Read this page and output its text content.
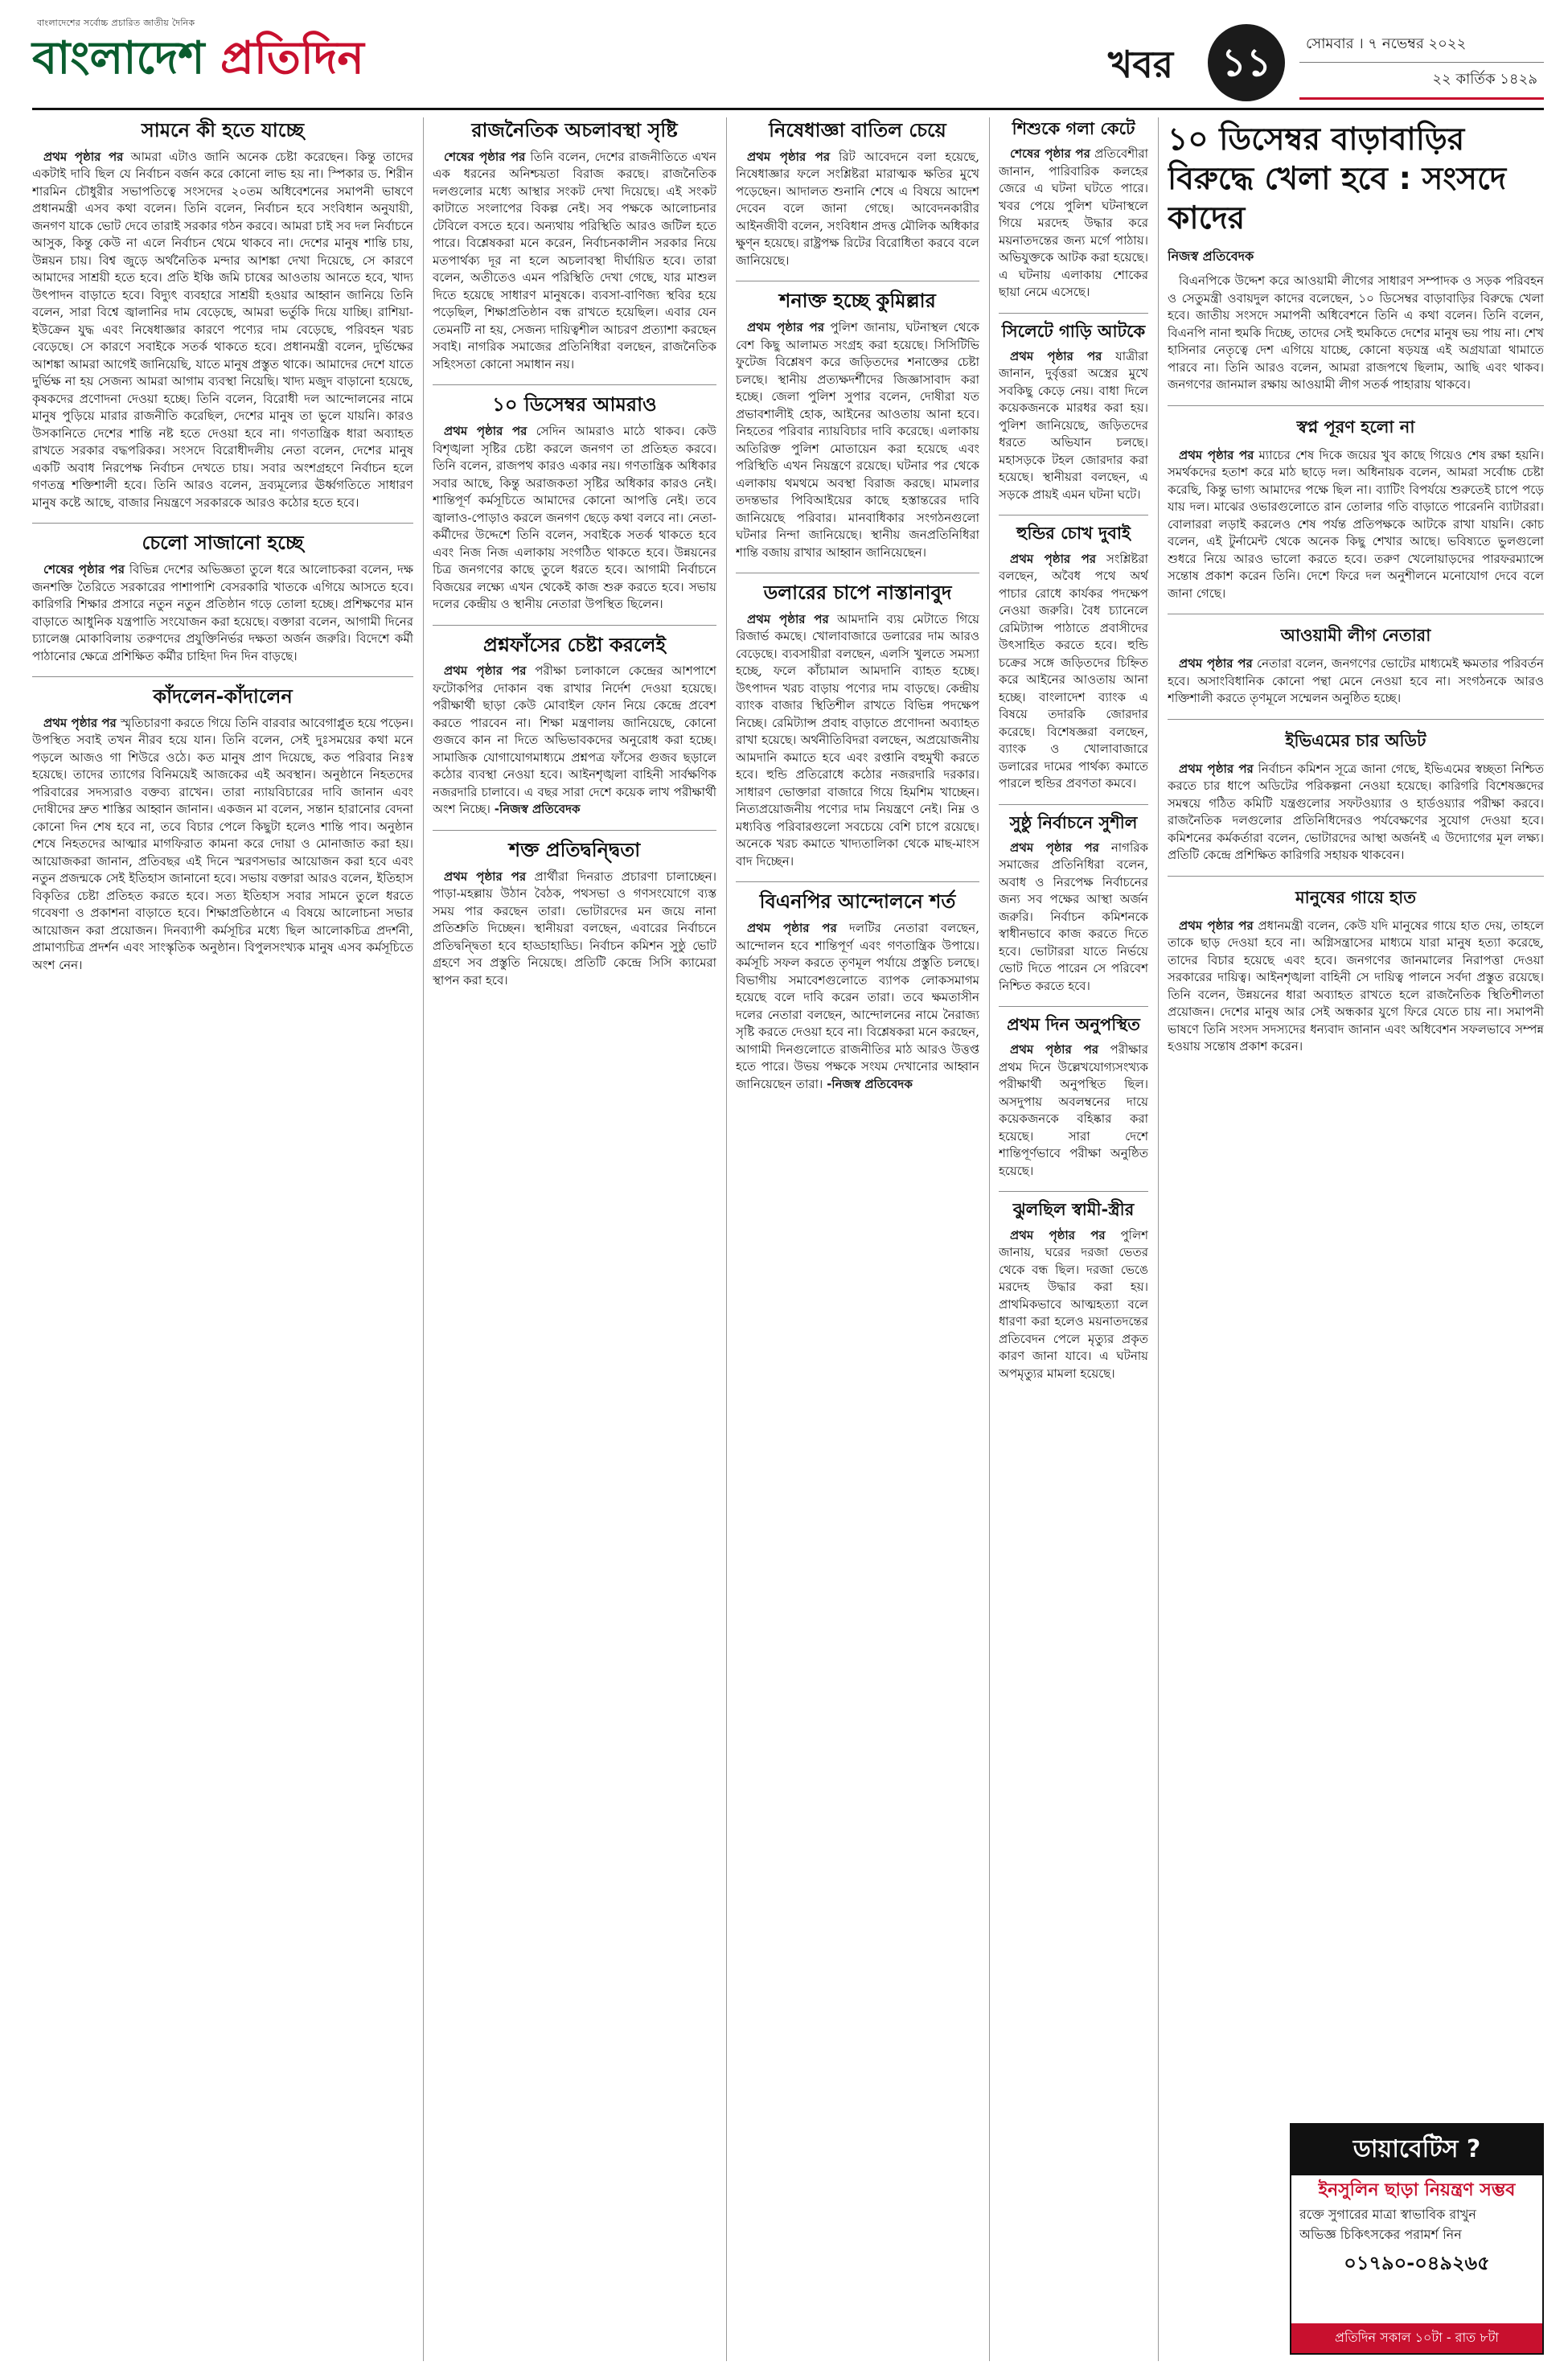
বাংলাদেশের সর্বোচ্চ প্রচারিত জাতীয় দৈনিক
বাংলাদেশ প্রতিদিন	খবর	১১	সোমবার । ৭ নভেম্বর ২০২২
২২ কার্তিক ১৪২৯
সামনে কী হতে যাচ্ছে

প্রথম পৃষ্ঠার পর আমরা এটাও জানি অনেক চেষ্টা করেছেন। কিন্তু তাদের একটাই দাবি ছিল যে নির্বাচন বর্জন করে কোনো লাভ হয় না। স্পিকার ড. শিরীন শারমিন চৌধুরীর সভাপতিত্বে সংসদের ২০তম অধিবেশনের সমাপনী ভাষণে প্রধানমন্ত্রী এসব কথা বলেন। তিনি বলেন, নির্বাচন হবে সংবিধান অনুযায়ী, জনগণ যাকে ভোট দেবে তারাই সরকার গঠন করবে। আমরা চাই সব দল নির্বাচনে আসুক, কিন্তু কেউ না এলে নির্বাচন থেমে থাকবে না। দেশের মানুষ শান্তি চায়, উন্নয়ন চায়। বিশ্ব জুড়ে অর্থনৈতিক মন্দার আশঙ্কা দেখা দিয়েছে, সে কারণে আমাদের সাশ্রয়ী হতে হবে। প্রতি ইঞ্চি জমি চাষের আওতায় আনতে হবে, খাদ্য উৎপাদন বাড়াতে হবে। বিদ্যুৎ ব্যবহারে সাশ্রয়ী হওয়ার আহ্বান জানিয়ে তিনি বলেন, সারা বিশ্বে জ্বালানির দাম বেড়েছে, আমরা ভর্তুকি দিয়ে যাচ্ছি। রাশিয়া-ইউক্রেন যুদ্ধ এবং নিষেধাজ্ঞার কারণে পণ্যের দাম বেড়েছে, পরিবহন খরচ বেড়েছে। সে কারণে সবাইকে সতর্ক থাকতে হবে। প্রধানমন্ত্রী বলেন, দুর্ভিক্ষের আশঙ্কা আমরা আগেই জানিয়েছি, যাতে মানুষ প্রস্তুত থাকে। আমাদের দেশে যাতে দুর্ভিক্ষ না হয় সেজন্য আমরা আগাম ব্যবস্থা নিয়েছি। খাদ্য মজুদ বাড়ানো হয়েছে, কৃষকদের প্রণোদনা দেওয়া হচ্ছে। তিনি বলেন, বিরোধী দল আন্দোলনের নামে মানুষ পুড়িয়ে মারার রাজনীতি করেছিল, দেশের মানুষ তা ভুলে যায়নি। কারও উসকানিতে দেশের শান্তি নষ্ট হতে দেওয়া হবে না। গণতান্ত্রিক ধারা অব্যাহত রাখতে সরকার বদ্ধপরিকর। সংসদে বিরোধীদলীয় নেতা বলেন, দেশের মানুষ একটি অবাধ নিরপেক্ষ নির্বাচন দেখতে চায়। সবার অংশগ্রহণে নির্বাচন হলে গণতন্ত্র শক্তিশালী হবে। তিনি আরও বলেন, দ্রব্যমূল্যের ঊর্ধ্বগতিতে সাধারণ মানুষ কষ্টে আছে, বাজার নিয়ন্ত্রণে সরকারকে আরও কঠোর হতে হবে।

চেলো সাজানো হচ্ছে

শেষের পৃষ্ঠার পর বিভিন্ন দেশের অভিজ্ঞতা তুলে ধরে আলোচকরা বলেন, দক্ষ জনশক্তি তৈরিতে সরকারের পাশাপাশি বেসরকারি খাতকে এগিয়ে আসতে হবে। কারিগরি শিক্ষার প্রসারে নতুন নতুন প্রতিষ্ঠান গড়ে তোলা হচ্ছে। প্রশিক্ষণের মান বাড়াতে আধুনিক যন্ত্রপাতি সংযোজন করা হয়েছে। বক্তারা বলেন, আগামী দিনের চ্যালেঞ্জ মোকাবিলায় তরুণদের প্রযুক্তিনির্ভর দক্ষতা অর্জন জরুরি। বিদেশে কর্মী পাঠানোর ক্ষেত্রে প্রশিক্ষিত কর্মীর চাহিদা দিন দিন বাড়ছে।

কাঁদলেন-কাঁদালেন

প্রথম পৃষ্ঠার পর স্মৃতিচারণা করতে গিয়ে তিনি বারবার আবেগাপ্লুত হয়ে পড়েন। উপস্থিত সবাই তখন নীরব হয়ে যান। তিনি বলেন, সেই দুঃসময়ের কথা মনে পড়লে আজও গা শিউরে ওঠে। কত মানুষ প্রাণ দিয়েছে, কত পরিবার নিঃস্ব হয়েছে। তাদের ত্যাগের বিনিময়েই আজকের এই অবস্থান। অনুষ্ঠানে নিহতদের পরিবারের সদস্যরাও বক্তব্য রাখেন। তারা ন্যায়বিচারের দাবি জানান এবং দোষীদের দ্রুত শাস্তির আহ্বান জানান। একজন মা বলেন, সন্তান হারানোর বেদনা কোনো দিন শেষ হবে না, তবে বিচার পেলে কিছুটা হলেও শান্তি পাব। অনুষ্ঠান শেষে নিহতদের আত্মার মাগফিরাত কামনা করে দোয়া ও মোনাজাত করা হয়। আয়োজকরা জানান, প্রতিবছর এই দিনে স্মরণসভার আয়োজন করা হবে এবং নতুন প্রজন্মকে সেই ইতিহাস জানানো হবে। সভায় বক্তারা আরও বলেন, ইতিহাস বিকৃতির চেষ্টা প্রতিহত করতে হবে। সত্য ইতিহাস সবার সামনে তুলে ধরতে গবেষণা ও প্রকাশনা বাড়াতে হবে। শিক্ষাপ্রতিষ্ঠানে এ বিষয়ে আলোচনা সভার আয়োজন করা প্রয়োজন। দিনব্যাপী কর্মসূচির মধ্যে ছিল আলোকচিত্র প্রদর্শনী, প্রামাণ্যচিত্র প্রদর্শন এবং সাংস্কৃতিক অনুষ্ঠান। বিপুলসংখ্যক মানুষ এসব কর্মসূচিতে অংশ নেন।

রাজনৈতিক অচলাবস্থা সৃষ্টি

শেষের পৃষ্ঠার পর তিনি বলেন, দেশের রাজনীতিতে এখন এক ধরনের অনিশ্চয়তা বিরাজ করছে। রাজনৈতিক দলগুলোর মধ্যে আস্থার সংকট দেখা দিয়েছে। এই সংকট কাটাতে সংলাপের বিকল্প নেই। সব পক্ষকে আলোচনার টেবিলে বসতে হবে। অন্যথায় পরিস্থিতি আরও জটিল হতে পারে। বিশ্লেষকরা মনে করেন, নির্বাচনকালীন সরকার নিয়ে মতপার্থক্য দূর না হলে অচলাবস্থা দীর্ঘায়িত হবে। তারা বলেন, অতীতেও এমন পরিস্থিতি দেখা গেছে, যার মাশুল দিতে হয়েছে সাধারণ মানুষকে। ব্যবসা-বাণিজ্য স্থবির হয়ে পড়েছিল, শিক্ষাপ্রতিষ্ঠান বন্ধ রাখতে হয়েছিল। এবার যেন তেমনটি না হয়, সেজন্য দায়িত্বশীল আচরণ প্রত্যাশা করছেন সবাই। নাগরিক সমাজের প্রতিনিধিরা বলছেন, রাজনৈতিক সহিংসতা কোনো সমাধান নয়।

১০ ডিসেম্বর আমরাও

প্রথম পৃষ্ঠার পর সেদিন আমরাও মাঠে থাকব। কেউ বিশৃঙ্খলা সৃষ্টির চেষ্টা করলে জনগণ তা প্রতিহত করবে। তিনি বলেন, রাজপথ কারও একার নয়। গণতান্ত্রিক অধিকার সবার আছে, কিন্তু অরাজকতা সৃষ্টির অধিকার কারও নেই। শান্তিপূর্ণ কর্মসূচিতে আমাদের কোনো আপত্তি নেই। তবে জ্বালাও-পোড়াও করলে জনগণ ছেড়ে কথা বলবে না। নেতা-কর্মীদের উদ্দেশে তিনি বলেন, সবাইকে সতর্ক থাকতে হবে এবং নিজ নিজ এলাকায় সংগঠিত থাকতে হবে। উন্নয়নের চিত্র জনগণের কাছে তুলে ধরতে হবে। আগামী নির্বাচনে বিজয়ের লক্ষ্যে এখন থেকেই কাজ শুরু করতে হবে। সভায় দলের কেন্দ্রীয় ও স্থানীয় নেতারা উপস্থিত ছিলেন।

প্রশ্নফাঁসের চেষ্টা করলেই

প্রথম পৃষ্ঠার পর পরীক্ষা চলাকালে কেন্দ্রের আশপাশে ফটোকপির দোকান বন্ধ রাখার নির্দেশ দেওয়া হয়েছে। পরীক্ষার্থী ছাড়া কেউ মোবাইল ফোন নিয়ে কেন্দ্রে প্রবেশ করতে পারবেন না। শিক্ষা মন্ত্রণালয় জানিয়েছে, কোনো গুজবে কান না দিতে অভিভাবকদের অনুরোধ করা হচ্ছে। সামাজিক যোগাযোগমাধ্যমে প্রশ্নপত্র ফাঁসের গুজব ছড়ালে কঠোর ব্যবস্থা নেওয়া হবে। আইনশৃঙ্খলা বাহিনী সার্বক্ষণিক নজরদারি চালাবে। এ বছর সারা দেশে কয়েক লাখ পরীক্ষার্থী অংশ নিচ্ছে। -নিজস্ব প্রতিবেদক

শক্ত প্রতিদ্বন্দ্বিতা

প্রথম পৃষ্ঠার পর প্রার্থীরা দিনরাত প্রচারণা চালাচ্ছেন। পাড়া-মহল্লায় উঠান বৈঠক, পথসভা ও গণসংযোগে ব্যস্ত সময় পার করছেন তারা। ভোটারদের মন জয়ে নানা প্রতিশ্রুতি দিচ্ছেন। স্থানীয়রা বলছেন, এবারের নির্বাচনে প্রতিদ্বন্দ্বিতা হবে হাড্ডাহাড্ডি। নির্বাচন কমিশন সুষ্ঠু ভোট গ্রহণে সব প্রস্তুতি নিয়েছে। প্রতিটি কেন্দ্রে সিসি ক্যামেরা স্থাপন করা হবে।

নিষেধাজ্ঞা বাতিল চেয়ে

প্রথম পৃষ্ঠার পর রিট আবেদনে বলা হয়েছে, নিষেধাজ্ঞার ফলে সংশ্লিষ্টরা মারাত্মক ক্ষতির মুখে পড়েছেন। আদালত শুনানি শেষে এ বিষয়ে আদেশ দেবেন বলে জানা গেছে। আবেদনকারীর আইনজীবী বলেন, সংবিধান প্রদত্ত মৌলিক অধিকার ক্ষুণ্ন হয়েছে। রাষ্ট্রপক্ষ রিটের বিরোধিতা করবে বলে জানিয়েছে।

শনাক্ত হচ্ছে কুমিল্লার

প্রথম পৃষ্ঠার পর পুলিশ জানায়, ঘটনাস্থল থেকে বেশ কিছু আলামত সংগ্রহ করা হয়েছে। সিসিটিভি ফুটেজ বিশ্লেষণ করে জড়িতদের শনাক্তের চেষ্টা চলছে। স্থানীয় প্রত্যক্ষদর্শীদের জিজ্ঞাসাবাদ করা হচ্ছে। জেলা পুলিশ সুপার বলেন, দোষীরা যত প্রভাবশালীই হোক, আইনের আওতায় আনা হবে। নিহতের পরিবার ন্যায়বিচার দাবি করেছে। এলাকায় অতিরিক্ত পুলিশ মোতায়েন করা হয়েছে এবং পরিস্থিতি এখন নিয়ন্ত্রণে রয়েছে। ঘটনার পর থেকে এলাকায় থমথমে অবস্থা বিরাজ করছে। মামলার তদন্তভার পিবিআইয়ের কাছে হস্তান্তরের দাবি জানিয়েছে পরিবার। মানবাধিকার সংগঠনগুলো ঘটনার নিন্দা জানিয়েছে। স্থানীয় জনপ্রতিনিধিরা শান্তি বজায় রাখার আহ্বান জানিয়েছেন।

ডলারের চাপে নাস্তানাবুদ

প্রথম পৃষ্ঠার পর আমদানি ব্যয় মেটাতে গিয়ে রিজার্ভ কমছে। খোলাবাজারে ডলারের দাম আরও বেড়েছে। ব্যবসায়ীরা বলছেন, এলসি খুলতে সমস্যা হচ্ছে, ফলে কাঁচামাল আমদানি ব্যাহত হচ্ছে। উৎপাদন খরচ বাড়ায় পণ্যের দাম বাড়ছে। কেন্দ্রীয় ব্যাংক বাজার স্থিতিশীল রাখতে বিভিন্ন পদক্ষেপ নিচ্ছে। রেমিট্যান্স প্রবাহ বাড়াতে প্রণোদনা অব্যাহত রাখা হয়েছে। অর্থনীতিবিদরা বলছেন, অপ্রয়োজনীয় আমদানি কমাতে হবে এবং রপ্তানি বহুমুখী করতে হবে। হুন্ডি প্রতিরোধে কঠোর নজরদারি দরকার। সাধারণ ভোক্তারা বাজারে গিয়ে হিমশিম খাচ্ছেন। নিত্যপ্রয়োজনীয় পণ্যের দাম নিয়ন্ত্রণে নেই। নিম্ন ও মধ্যবিত্ত পরিবারগুলো সবচেয়ে বেশি চাপে রয়েছে। অনেকে খরচ কমাতে খাদ্যতালিকা থেকে মাছ-মাংস বাদ দিচ্ছেন।

বিএনপির আন্দোলনে শর্ত

প্রথম পৃষ্ঠার পর দলটির নেতারা বলছেন, আন্দোলন হবে শান্তিপূর্ণ এবং গণতান্ত্রিক উপায়ে। কর্মসূচি সফল করতে তৃণমূল পর্যায়ে প্রস্তুতি চলছে। বিভাগীয় সমাবেশগুলোতে ব্যাপক লোকসমাগম হয়েছে বলে দাবি করেন তারা। তবে ক্ষমতাসীন দলের নেতারা বলছেন, আন্দোলনের নামে নৈরাজ্য সৃষ্টি করতে দেওয়া হবে না। বিশ্লেষকরা মনে করছেন, আগামী দিনগুলোতে রাজনীতির মাঠ আরও উত্তপ্ত হতে পারে। উভয় পক্ষকে সংযম দেখানোর আহ্বান জানিয়েছেন তারা। -নিজস্ব প্রতিবেদক

শিশুকে গলা কেটে

শেষের পৃষ্ঠার পর প্রতিবেশীরা জানান, পারিবারিক কলহের জেরে এ ঘটনা ঘটতে পারে। খবর পেয়ে পুলিশ ঘটনাস্থলে গিয়ে মরদেহ উদ্ধার করে ময়নাতদন্তের জন্য মর্গে পাঠায়। অভিযুক্তকে আটক করা হয়েছে। এ ঘটনায় এলাকায় শোকের ছায়া নেমে এসেছে।

সিলেটে গাড়ি আটকে

প্রথম পৃষ্ঠার পর যাত্রীরা জানান, দুর্বৃত্তরা অস্ত্রের মুখে সবকিছু কেড়ে নেয়। বাধা দিলে কয়েকজনকে মারধর করা হয়। পুলিশ জানিয়েছে, জড়িতদের ধরতে অভিযান চলছে। মহাসড়কে টহল জোরদার করা হয়েছে। স্থানীয়রা বলছেন, এ সড়কে প্রায়ই এমন ঘটনা ঘটে।

হুন্ডির চোখ দুবাই

প্রথম পৃষ্ঠার পর সংশ্লিষ্টরা বলছেন, অবৈধ পথে অর্থ পাচার রোধে কার্যকর পদক্ষেপ নেওয়া জরুরি। বৈধ চ্যানেলে রেমিট্যান্স পাঠাতে প্রবাসীদের উৎসাহিত করতে হবে। হুন্ডি চক্রের সঙ্গে জড়িতদের চিহ্নিত করে আইনের আওতায় আনা হচ্ছে। বাংলাদেশ ব্যাংক এ বিষয়ে তদারকি জোরদার করেছে। বিশেষজ্ঞরা বলছেন, ব্যাংক ও খোলাবাজারে ডলারের দামের পার্থক্য কমাতে পারলে হুন্ডির প্রবণতা কমবে।

সুষ্ঠু নির্বাচনে সুশীল

প্রথম পৃষ্ঠার পর নাগরিক সমাজের প্রতিনিধিরা বলেন, অবাধ ও নিরপেক্ষ নির্বাচনের জন্য সব পক্ষের আস্থা অর্জন জরুরি। নির্বাচন কমিশনকে স্বাধীনভাবে কাজ করতে দিতে হবে। ভোটাররা যাতে নির্ভয়ে ভোট দিতে পারেন সে পরিবেশ নিশ্চিত করতে হবে।

প্রথম দিন অনুপস্থিত

প্রথম পৃষ্ঠার পর পরীক্ষার প্রথম দিনে উল্লেখযোগ্যসংখ্যক পরীক্ষার্থী অনুপস্থিত ছিল। অসদুপায় অবলম্বনের দায়ে কয়েকজনকে বহিষ্কার করা হয়েছে। সারা দেশে শান্তিপূর্ণভাবে পরীক্ষা অনুষ্ঠিত হয়েছে।

ঝুলছিল স্বামী-স্ত্রীর

প্রথম পৃষ্ঠার পর পুলিশ জানায়, ঘরের দরজা ভেতর থেকে বন্ধ ছিল। দরজা ভেঙে মরদেহ উদ্ধার করা হয়। প্রাথমিকভাবে আত্মহত্যা বলে ধারণা করা হলেও ময়নাতদন্তের প্রতিবেদন পেলে মৃত্যুর প্রকৃত কারণ জানা যাবে। এ ঘটনায় অপমৃত্যুর মামলা হয়েছে।

১০ ডিসেম্বর বাড়াবাড়ির বিরুদ্ধে খেলা হবে : সংসদে কাদের
নিজস্ব প্রতিবেদক

বিএনপিকে উদ্দেশ করে আওয়ামী লীগের সাধারণ সম্পাদক ও সড়ক পরিবহন ও সেতুমন্ত্রী ওবায়দুল কাদের বলেছেন, ১০ ডিসেম্বর বাড়াবাড়ির বিরুদ্ধে খেলা হবে। জাতীয় সংসদে সমাপনী অধিবেশনে তিনি এ কথা বলেন। তিনি বলেন, বিএনপি নানা হুমকি দিচ্ছে, তাদের সেই হুমকিতে দেশের মানুষ ভয় পায় না। শেখ হাসিনার নেতৃত্বে দেশ এগিয়ে যাচ্ছে, কোনো ষড়যন্ত্র এই অগ্রযাত্রা থামাতে পারবে না। তিনি আরও বলেন, আমরা রাজপথে ছিলাম, আছি এবং থাকব। জনগণের জানমাল রক্ষায় আওয়ামী লীগ সতর্ক পাহারায় থাকবে।

স্বপ্ন পূরণ হলো না

প্রথম পৃষ্ঠার পর ম্যাচের শেষ দিকে জয়ের খুব কাছে গিয়েও শেষ রক্ষা হয়নি। সমর্থকদের হতাশ করে মাঠ ছাড়ে দল। অধিনায়ক বলেন, আমরা সর্বোচ্চ চেষ্টা করেছি, কিন্তু ভাগ্য আমাদের পক্ষে ছিল না। ব্যাটিং বিপর্যয়ে শুরুতেই চাপে পড়ে যায় দল। মাঝের ওভারগুলোতে রান তোলার গতি বাড়াতে পারেননি ব্যাটাররা। বোলাররা লড়াই করলেও শেষ পর্যন্ত প্রতিপক্ষকে আটকে রাখা যায়নি। কোচ বলেন, এই টুর্নামেন্ট থেকে অনেক কিছু শেখার আছে। ভবিষ্যতে ভুলগুলো শুধরে নিয়ে আরও ভালো করতে হবে। তরুণ খেলোয়াড়দের পারফরম্যান্সে সন্তোষ প্রকাশ করেন তিনি। দেশে ফিরে দল অনুশীলনে মনোযোগ দেবে বলে জানা গেছে।

আওয়ামী লীগ নেতারা

প্রথম পৃষ্ঠার পর নেতারা বলেন, জনগণের ভোটের মাধ্যমেই ক্ষমতার পরিবর্তন হবে। অসাংবিধানিক কোনো পন্থা মেনে নেওয়া হবে না। সংগঠনকে আরও শক্তিশালী করতে তৃণমূলে সম্মেলন অনুষ্ঠিত হচ্ছে।

ইভিএমের চার অডিট

প্রথম পৃষ্ঠার পর নির্বাচন কমিশন সূত্রে জানা গেছে, ইভিএমের স্বচ্ছতা নিশ্চিত করতে চার ধাপে অডিটের পরিকল্পনা নেওয়া হয়েছে। কারিগরি বিশেষজ্ঞদের সমন্বয়ে গঠিত কমিটি যন্ত্রগুলোর সফটওয়্যার ও হার্ডওয়্যার পরীক্ষা করবে। রাজনৈতিক দলগুলোর প্রতিনিধিদেরও পর্যবেক্ষণের সুযোগ দেওয়া হবে। কমিশনের কর্মকর্তারা বলেন, ভোটারদের আস্থা অর্জনই এ উদ্যোগের মূল লক্ষ্য। প্রতিটি কেন্দ্রে প্রশিক্ষিত কারিগরি সহায়ক থাকবেন।

মানুষের গায়ে হাত

প্রথম পৃষ্ঠার পর প্রধানমন্ত্রী বলেন, কেউ যদি মানুষের গায়ে হাত দেয়, তাহলে তাকে ছাড় দেওয়া হবে না। অগ্নিসন্ত্রাসের মাধ্যমে যারা মানুষ হত্যা করেছে, তাদের বিচার হয়েছে এবং হবে। জনগণের জানমালের নিরাপত্তা দেওয়া সরকারের দায়িত্ব। আইনশৃঙ্খলা বাহিনী সে দায়িত্ব পালনে সর্বদা প্রস্তুত রয়েছে। তিনি বলেন, উন্নয়নের ধারা অব্যাহত রাখতে হলে রাজনৈতিক স্থিতিশীলতা প্রয়োজন। দেশের মানুষ আর সেই অন্ধকার যুগে ফিরে যেতে চায় না। সমাপনী ভাষণে তিনি সংসদ সদস্যদের ধন্যবাদ জানান এবং অধিবেশন সফলভাবে সম্পন্ন হওয়ায় সন্তোষ প্রকাশ করেন।

ডায়াবেটিস ?
ইনসুলিন ছাড়া নিয়ন্ত্রণ সম্ভব
রক্তে সুগারের মাত্রা স্বাভাবিক রাখুন
অভিজ্ঞ চিকিৎসকের পরামর্শ নিন
০১৭৯০-০৪৯২৬৫
প্রতিদিন সকাল ১০টা - রাত ৮টা
